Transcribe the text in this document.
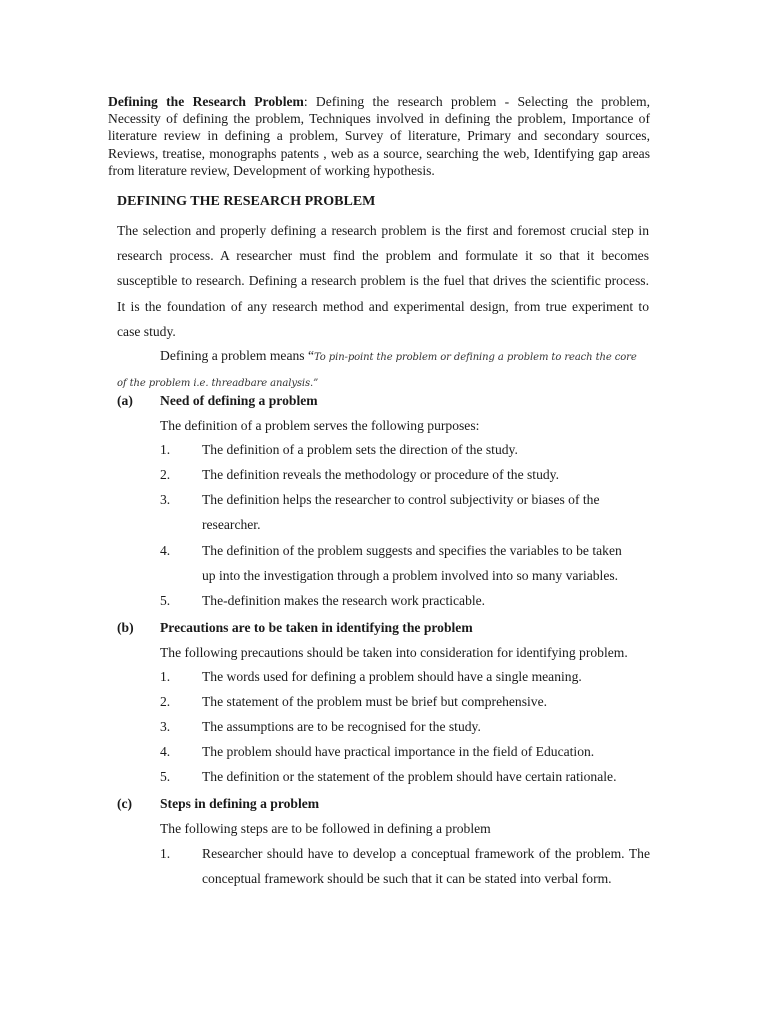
Defining the Research Problem: Defining the research problem - Selecting the problem, Necessity of defining the problem, Techniques involved in defining the problem, Importance of literature review in defining a problem, Survey of literature, Primary and secondary sources, Reviews, treatise, monographs patents , web as a source, searching the web, Identifying gap areas from literature review, Development of working hypothesis.
DEFINING THE RESEARCH PROBLEM
The selection and properly defining a research problem is the first and foremost crucial step in research process. A researcher must find the problem and formulate it so that it becomes susceptible to research. Defining a research problem is the fuel that drives the scientific process. It is the foundation of any research method and experimental design, from true experiment to case study.
Defining a problem means “To pin-point the problem or defining a problem to reach the core of the problem i.e. threadbare analysis.”
(a) Need of defining a problem
The definition of a problem serves the following purposes:
1. The definition of a problem sets the direction of the study.
2. The definition reveals the methodology or procedure of the study.
3. The definition helps the researcher to control subjectivity or biases of the researcher.
4. The definition of the problem suggests and specifies the variables to be taken up into the investigation through a problem involved into so many variables.
5. The-definition makes the research work practicable.
(b) Precautions are to be taken in identifying the problem
The following precautions should be taken into consideration for identifying problem.
1. The words used for defining a problem should have a single meaning.
2. The statement of the problem must be brief but comprehensive.
3. The assumptions are to be recognised for the study.
4. The problem should have practical importance in the field of Education.
5. The definition or the statement of the problem should have certain rationale.
(c) Steps in defining a problem
The following steps are to be followed in defining a problem
1. Researcher should have to develop a conceptual framework of the problem. The conceptual framework should be such that it can be stated into verbal form.
